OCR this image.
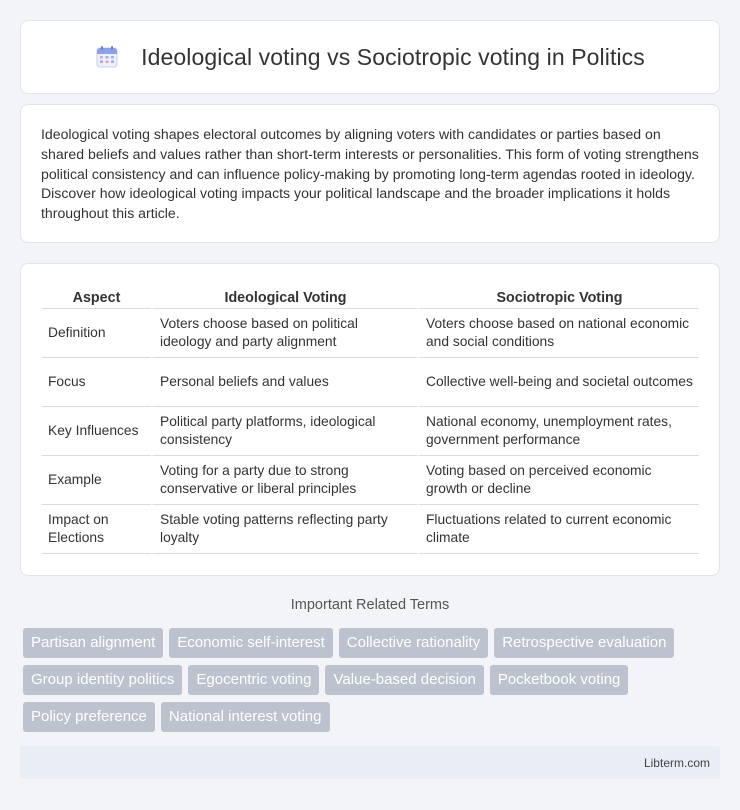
Ideological voting vs Sociotropic voting in Politics

Ideological voting shapes electoral outcomes by aligning voters with candidates or parties based on shared beliefs and values rather than short-term interests or personalities. This form of voting strengthens political consistency and can influence policy-making by promoting long-term agendas rooted in ideology. Discover how ideological voting impacts your political landscape and the broader implications it holds throughout this article.

Aspect	Ideological Voting	Sociotropic Voting
Definition	Voters choose based on political ideology and party alignment	Voters choose based on national economic and social conditions
Focus	Personal beliefs and values	Collective well-being and societal outcomes
Key Influences	Political party platforms, ideological consistency	National economy, unemployment rates, government performance
Example	Voting for a party due to strong conservative or liberal principles	Voting based on perceived economic growth or decline
Impact on Elections	Stable voting patterns reflecting party loyalty	Fluctuations related to current economic climate
Important Related Terms
Partisan alignment	Economic self-interest	Collective rationality	Retrospective evaluation
Group identity politics	Egocentric voting	Value-based decision	Pocketbook voting
Policy preference	National interest voting
Libterm.com
